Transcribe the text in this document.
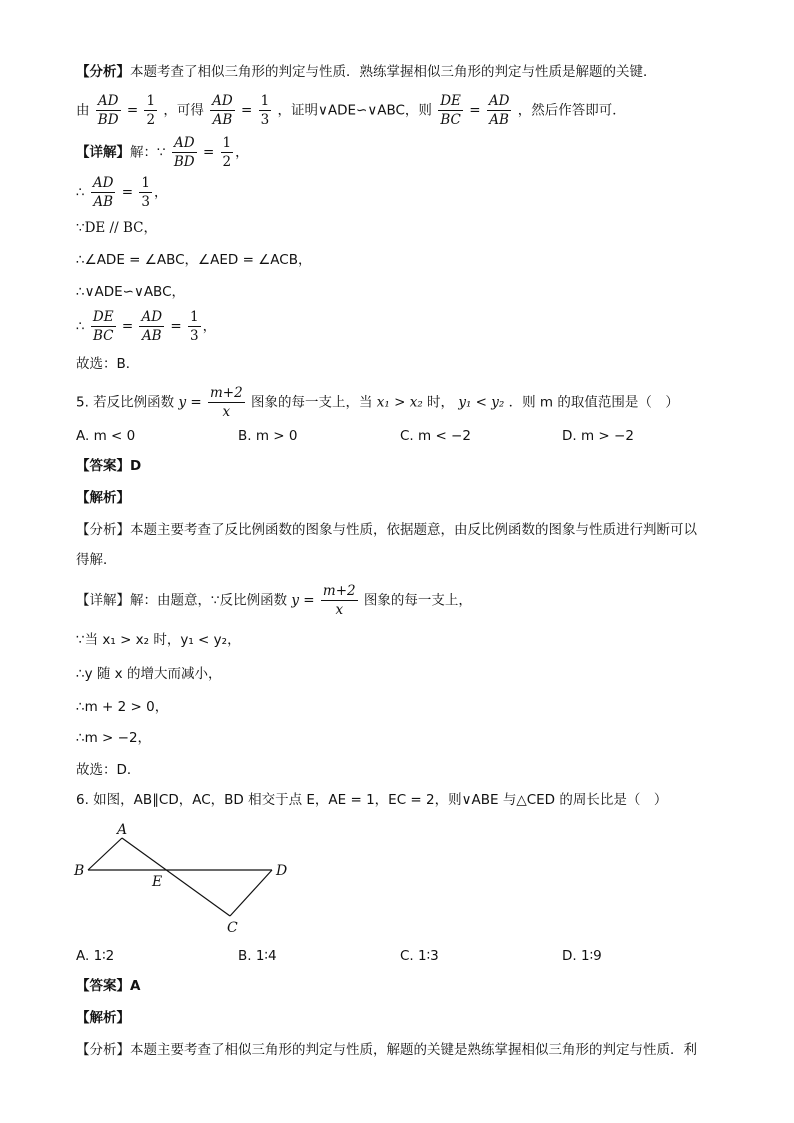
【分析】本题考查了相似三角形的判定与性质．熟练掌握相似三角形的判定与性质是解题的关键．
由 $\frac{AD}{BD} = \frac{1}{2}$ ，可得 $\frac{AD}{AB} = \frac{1}{3}$ ，证明∨ADE∽∨ABC，则 $\frac{DE}{BC} = \frac{AD}{AB}$ ，然后作答即可．
【详解】解：∵ $\frac{AD}{BD} = \frac{1}{2}$ ，
∴ $\frac{AD}{AB} = \frac{1}{3}$ ，
∵DE // BC，
∴∠ADE = ∠ABC，∠AED = ∠ACB，
∴∨ADE∽∨ABC，
∴ $\frac{DE}{BC} = \frac{AD}{AB} = \frac{1}{3}$ ，
故选：B．
5. 若反比例函数 $y = \frac{m+2}{x}$ 图象的每一支上，当 x₁ > x₂ 时， y₁ < y₂ ．则 m 的取值范围是（　）
A. m < 0	B. m > 0	C. m < −2	D. m > −2
【答案】D
【解析】
【分析】本题主要考查了反比例函数的图象与性质，依据题意，由反比例函数的图象与性质进行判断可以
得解．
【详解】解：由题意，∵反比例函数 $y = \frac{m+2}{x}$ 图象的每一支上，
∵当 x₁ > x₂ 时，y₁ < y₂，
∴y 随 x 的增大而减小，
∴m + 2 > 0，
∴m > −2，
故选：D．
6. 如图，AB∥CD，AC，BD 相交于点 E，AE = 1，EC = 2，则∨ABE 与△CED 的周长比是（　）
A
B
E
D
C
A. 1∶2	B. 1∶4	C. 1∶3	D. 1∶9
【答案】A
【解析】
【分析】本题主要考查了相似三角形的判定与性质，解题的关键是熟练掌握相似三角形的判定与性质．利
